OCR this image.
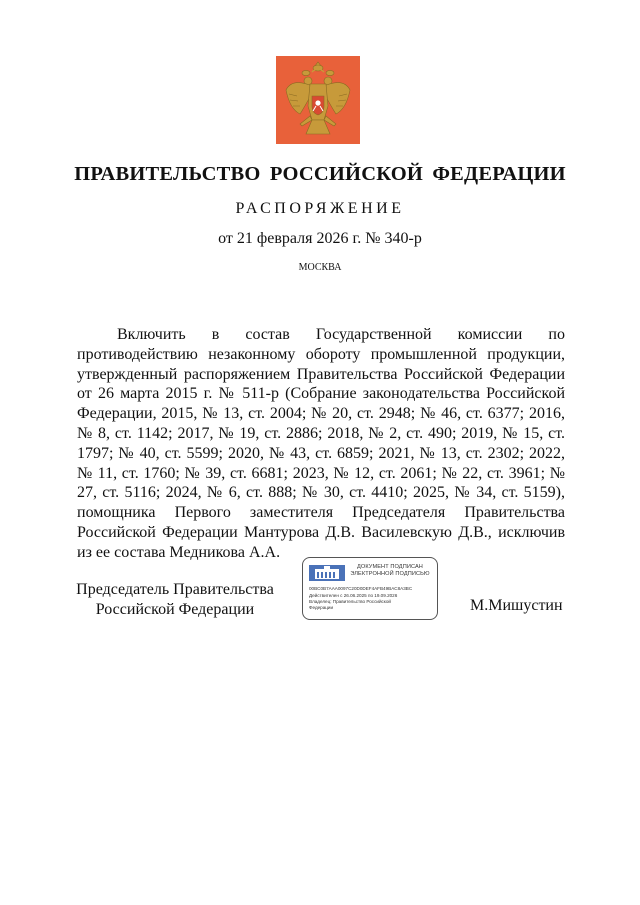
ПРАВИТЕЛЬСТВО РОССИЙСКОЙ ФЕДЕРАЦИИ
РАСПОРЯЖЕНИЕ
от 21 февраля 2026 г. № 340-р
МОСКВА

Включить в состав Государственной комиссии по противодействию незаконному обороту промышленной продукции, утвержденный распоряжением Правительства Российской Федерации от 26 марта 2015 г. № 511-р (Собрание законодательства Российской Федерации, 2015, № 13, ст. 2004; № 20, ст. 2948; № 46, ст. 6377; 2016, № 8, ст. 1142; 2017, № 19, ст. 2886; 2018, № 2, ст. 490; 2019, № 15, ст. 1797; № 40, ст. 5599; 2020, № 43, ст. 6859; 2021, № 13, ст. 2302; 2022, № 11, ст. 1760; № 39, ст. 6681; 2023, № 12, ст. 2061; № 22, ст. 3961; № 27, ст. 5116; 2024, № 6, ст. 888; № 30, ст. 4410; 2025, № 34, ст. 5159), помощника Первого заместителя Председателя Правительства Российской Федерации Мантурова Д.В. Василевскую Д.В., исключив из ее состава Медникова А.А.

Председатель Правительства
Российской Федерации
ДОКУМЕНТ ПОДПИСАН
ЭЛЕКТРОННОЙ ПОДПИСЬЮ
00BC0B7AAA0097C20D0DEF4AFB49BAC8A3BC
Действителен с 26.06.2025 по 19.09.2026
Владелец: Правительство Российской
Федерации	М.Мишустин
